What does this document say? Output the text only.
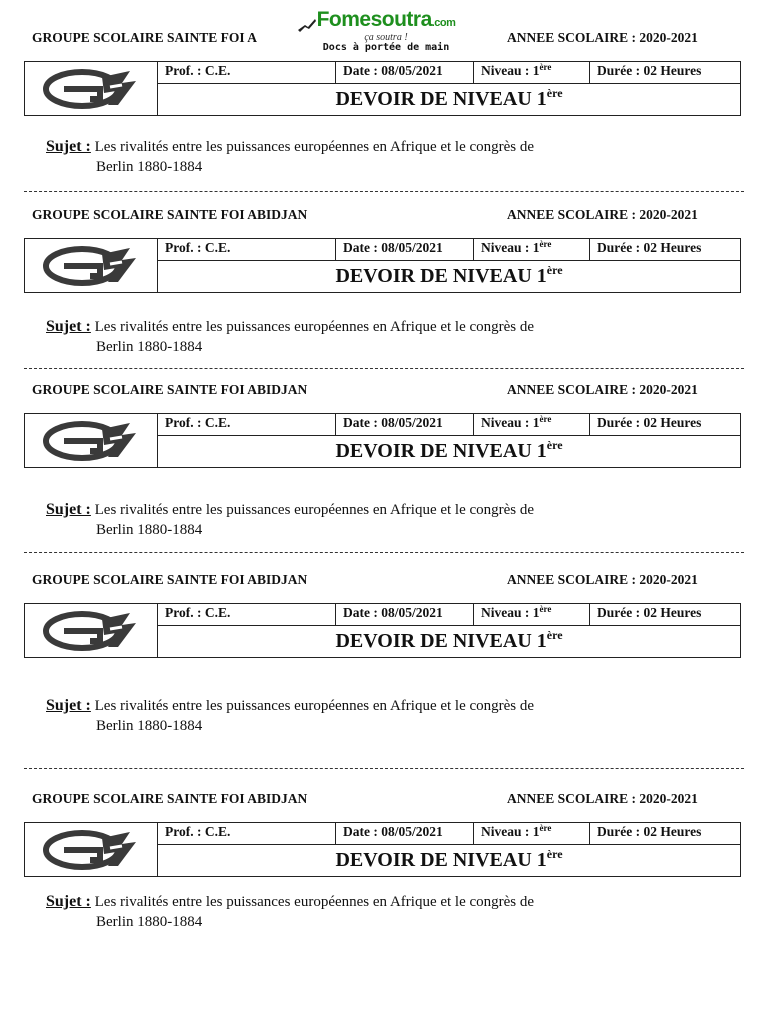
Fomesoutra.com
ça soutra !
Docs à portée de main
GROUPE SCOLAIRE SAINTE FOI A	ANNEE SCOLAIRE : 2020-2021
Prof. : C.E.	Date : 08/05/2021	Niveau : 1ère	Durée : 02 Heures
DEVOIR DE NIVEAU 1ère
Sujet : Les rivalités entre les puissances européennes en Afrique et le congrès de
Berlin 1880-1884
GROUPE SCOLAIRE SAINTE FOI ABIDJAN	ANNEE SCOLAIRE : 2020-2021
Prof. : C.E.	Date : 08/05/2021	Niveau : 1ère	Durée : 02 Heures
DEVOIR DE NIVEAU 1ère
Sujet : Les rivalités entre les puissances européennes en Afrique et le congrès de
Berlin 1880-1884
GROUPE SCOLAIRE SAINTE FOI ABIDJAN	ANNEE SCOLAIRE : 2020-2021
Prof. : C.E.	Date : 08/05/2021	Niveau : 1ère	Durée : 02 Heures
DEVOIR DE NIVEAU 1ère
Sujet : Les rivalités entre les puissances européennes en Afrique et le congrès de
Berlin 1880-1884
GROUPE SCOLAIRE SAINTE FOI ABIDJAN	ANNEE SCOLAIRE : 2020-2021
Prof. : C.E.	Date : 08/05/2021	Niveau : 1ère	Durée : 02 Heures
DEVOIR DE NIVEAU 1ère
Sujet : Les rivalités entre les puissances européennes en Afrique et le congrès de
Berlin 1880-1884
GROUPE SCOLAIRE SAINTE FOI ABIDJAN	ANNEE SCOLAIRE : 2020-2021
Prof. : C.E.	Date : 08/05/2021	Niveau : 1ère	Durée : 02 Heures
DEVOIR DE NIVEAU 1ère
Sujet : Les rivalités entre les puissances européennes en Afrique et le congrès de
Berlin 1880-1884
